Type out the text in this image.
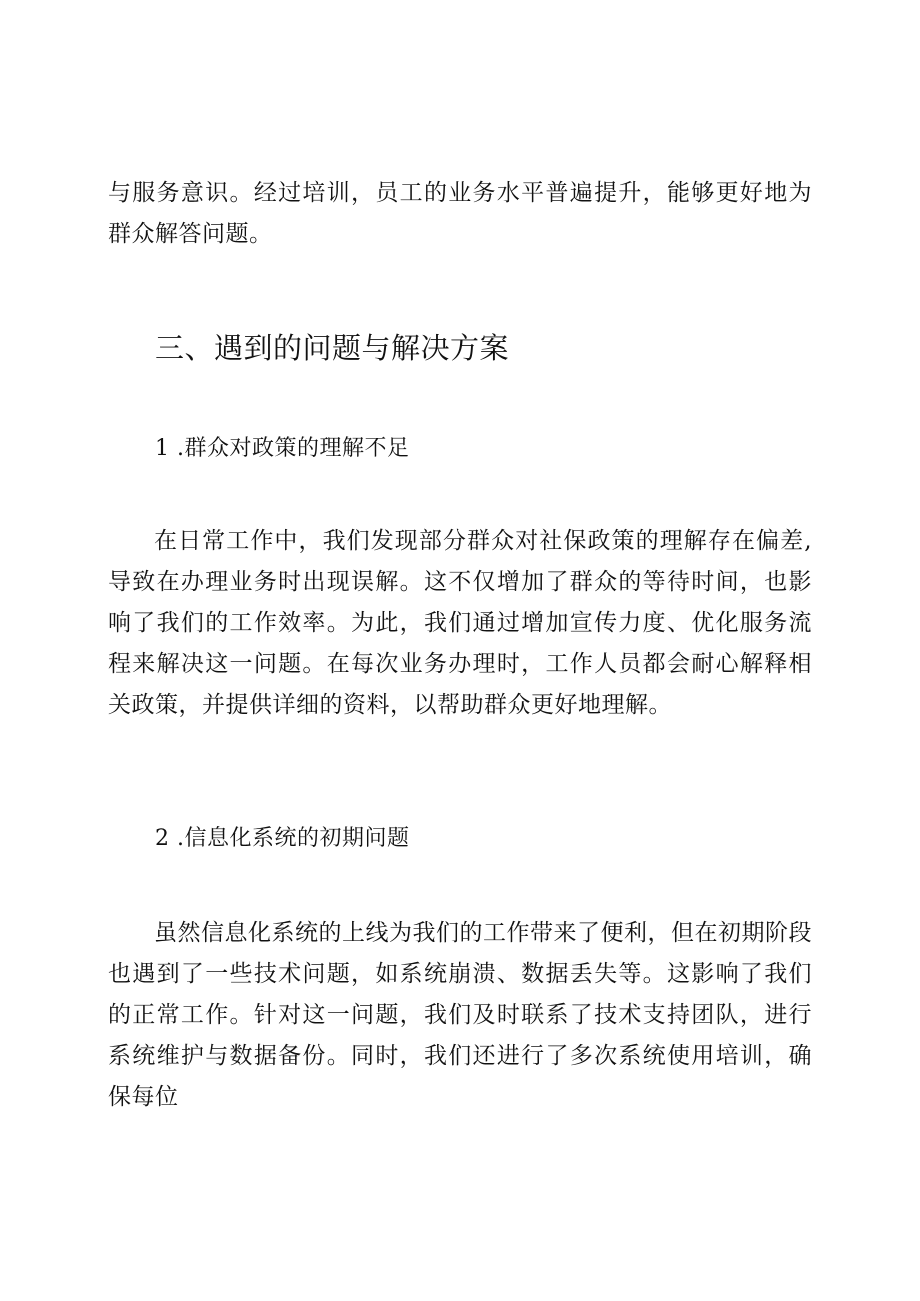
与服务意识。经过培训，员工的业务水平普遍提升，能够更好地为群众解答问题。

三、遇到的问题与解决方案

1 .群众对政策的理解不足

在日常工作中，我们发现部分群众对社保政策的理解存在偏差,导致在办理业务时出现误解。这不仅增加了群众的等待时间，也影响了我们的工作效率。为此，我们通过增加宣传力度、优化服务流程来解决这一问题。在每次业务办理时，工作人员都会耐心解释相关政策，并提供详细的资料，以帮助群众更好地理解。

2 .信息化系统的初期问题

虽然信息化系统的上线为我们的工作带来了便利，但在初期阶段也遇到了一些技术问题，如系统崩溃、数据丢失等。这影响了我们的正常工作。针对这一问题，我们及时联系了技术支持团队，进行系统维护与数据备份。同时，我们还进行了多次系统使用培训，确保每位
